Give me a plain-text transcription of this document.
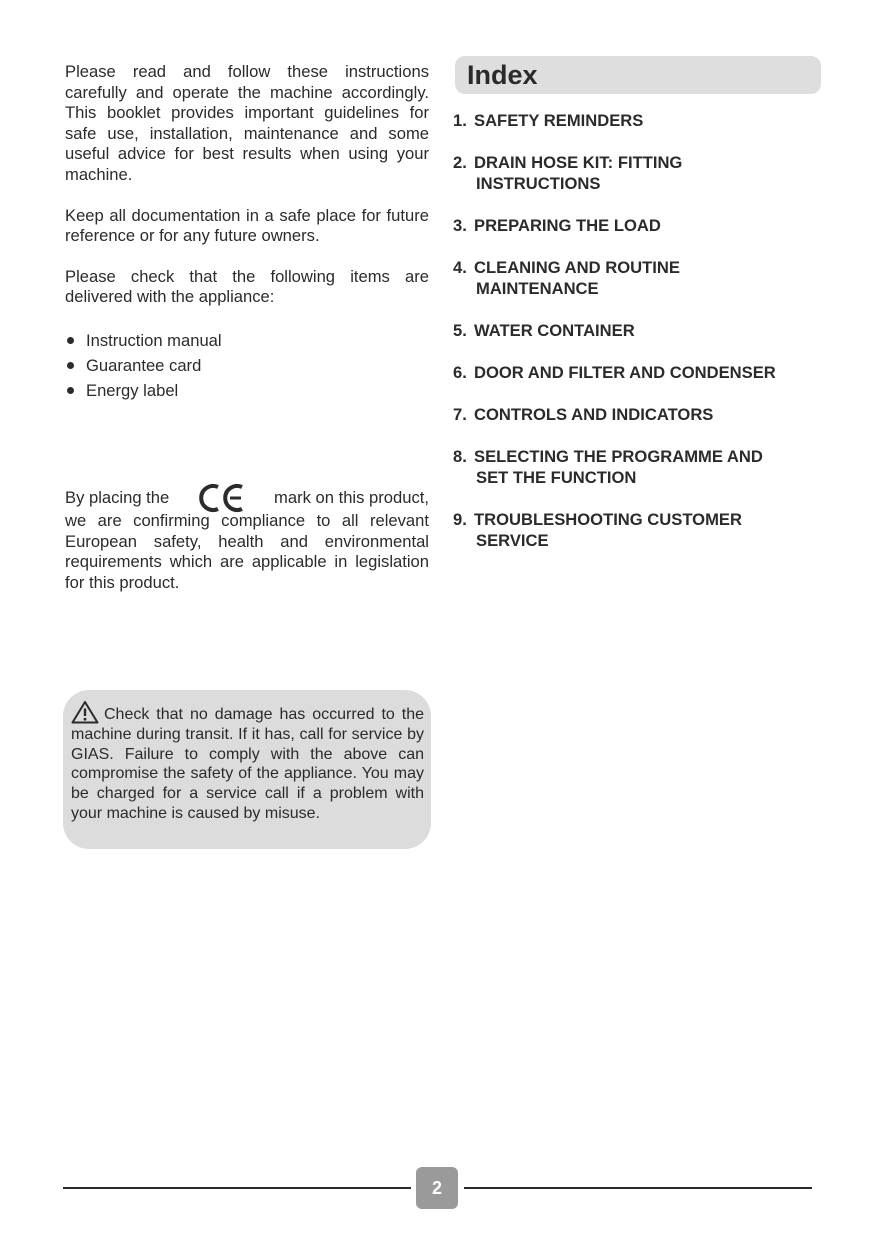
Please read and follow these instructions carefully and operate the machine accordingly. This booklet provides important guidelines for safe use, installation, maintenance and some useful advice for best results when using your machine.

Keep all documentation in a safe place for future reference or for any future owners.

Please check that the following items are delivered with the appliance:

Instruction manual
Guarantee card
Energy label
By placing the	mark on this product,

we are confirming compliance to all relevant European safety, health and environmental requirements which are applicable in legislation for this product.

Check that no damage has occurred to the machine during transit. If it has, call for service by GIAS. Failure to comply with the above can compromise the safety of the appliance. You may be charged for a service call if a problem with your machine is caused by misuse.

Index
1. SAFETY REMINDERS
2. DRAIN HOSE KIT: FITTING
INSTRUCTIONS
3. PREPARING THE LOAD
4. CLEANING AND ROUTINE
MAINTENANCE
5. WATER CONTAINER
6. DOOR AND FILTER AND CONDENSER
7. CONTROLS AND INDICATORS
8. SELECTING THE PROGRAMME AND
SET THE FUNCTION
9. TROUBLESHOOTING CUSTOMER
SERVICE
2
